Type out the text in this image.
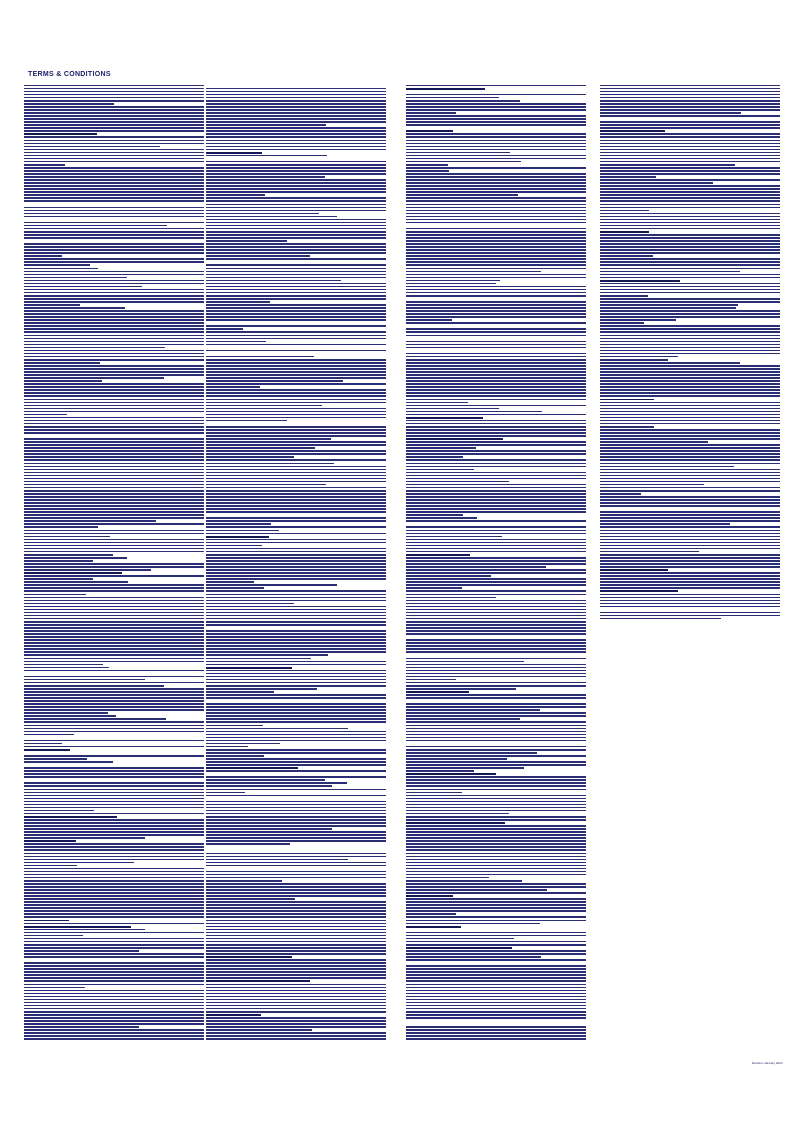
TERMS & CONDITIONS
Revision January 2024
